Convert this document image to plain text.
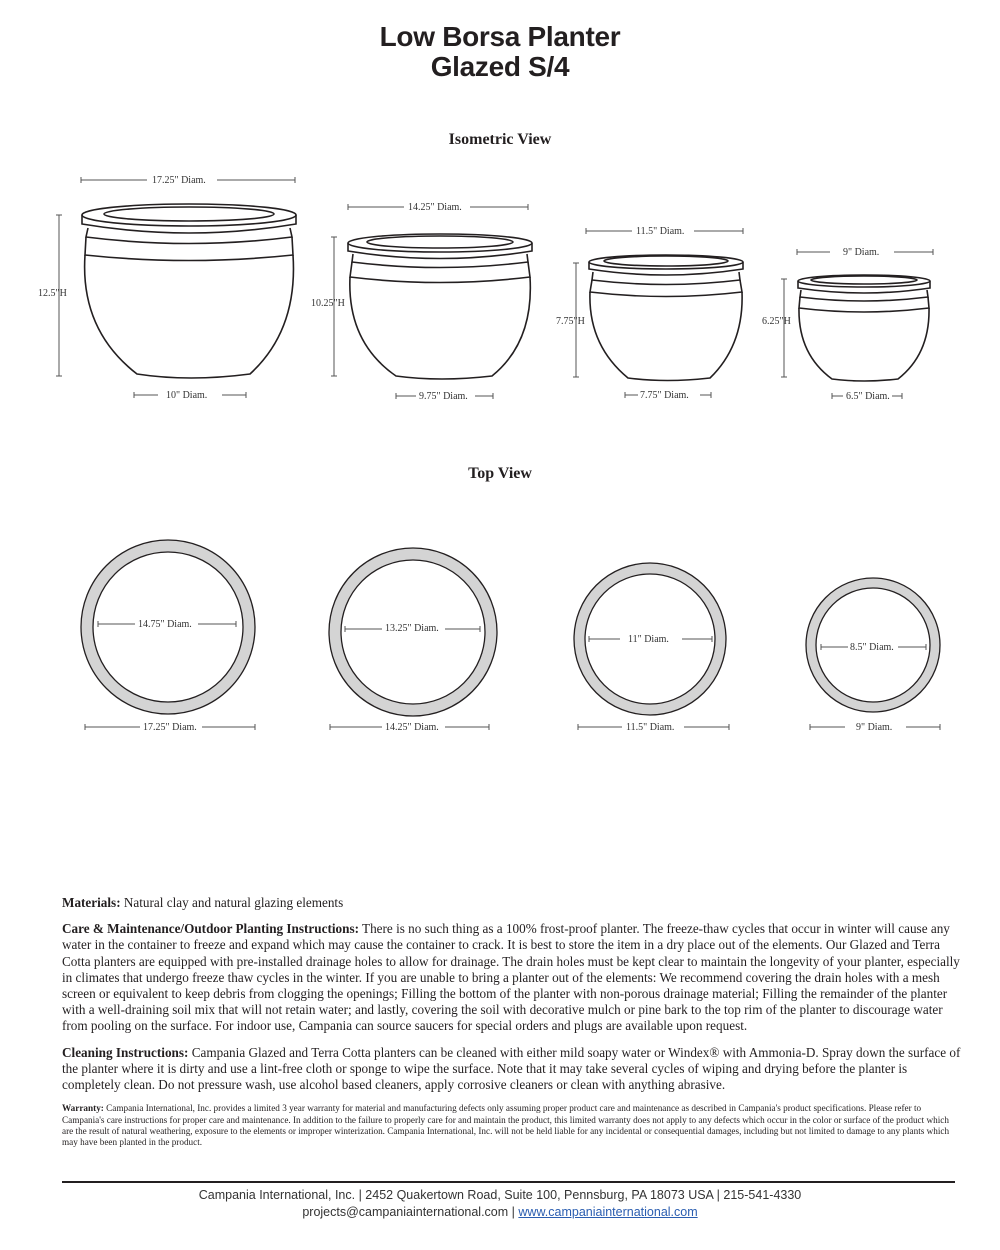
Low Borsa Planter
Glazed S/4
Isometric View
17.25" Diam.
12.5"H
10" Diam.
14.25" Diam.
10.25"H
9.75" Diam.
11.5" Diam.
7.75"H
7.75" Diam.
9" Diam.
6.25"H
6.5" Diam.
Top View
14.75" Diam.
17.25" Diam.
13.25" Diam.
14.25" Diam.
11" Diam.
11.5" Diam.
8.5" Diam.
9" Diam.

Materials: Natural clay and natural glazing elements

Care & Maintenance/Outdoor Planting Instructions: There is no such thing as a 100% frost-proof planter. The freeze-thaw cycles that occur in winter will cause any water in the container to freeze and expand which may cause the container to crack. It is best to store the item in a dry place out of the elements. Our Glazed and Terra Cotta planters are equipped with pre-installed drainage holes to allow for drainage. The drain holes must be kept clear to maintain the longevity of your planter, especially in climates that undergo freeze thaw cycles in the winter. If you are unable to bring a planter out of the elements: We recommend covering the drain holes with a mesh screen or equivalent to keep debris from clogging the openings; Filling the bottom of the planter with non-porous drainage material; Filling the remainder of the planter with a well-draining soil mix that will not retain water; and lastly, covering the soil with decorative mulch or pine bark to the top rim of the planter to discourage water from pooling on the surface. For indoor use, Campania can source saucers for special orders and plugs are available upon request.

Cleaning Instructions: Campania Glazed and Terra Cotta planters can be cleaned with either mild soapy water or Windex® with Ammonia-D. Spray down the surface of the planter where it is dirty and use a lint-free cloth or sponge to wipe the surface. Note that it may take several cycles of wiping and drying before the planter is completely clean. Do not pressure wash, use alcohol based cleaners, apply corrosive cleaners or clean with anything abrasive.

Warranty: Campania International, Inc. provides a limited 3 year warranty for material and manufacturing defects only assuming proper product care and maintenance as described in Campania's product specifications. Please refer to Campania's care instructions for proper care and maintenance. In addition to the failure to properly care for and maintain the product, this limited warranty does not apply to any defects which occur in the color or surface of the product which are the result of natural weathering, exposure to the elements or improper winterization. Campania International, Inc. will not be held liable for any incidental or consequential damages, including but not limited to damage to any plants which may have been planted in the product.

Campania International, Inc. | 2452 Quakertown Road, Suite 100, Pennsburg, PA 18073 USA | 215-541-4330
projects@campaniainternational.com | www.campaniainternational.com
